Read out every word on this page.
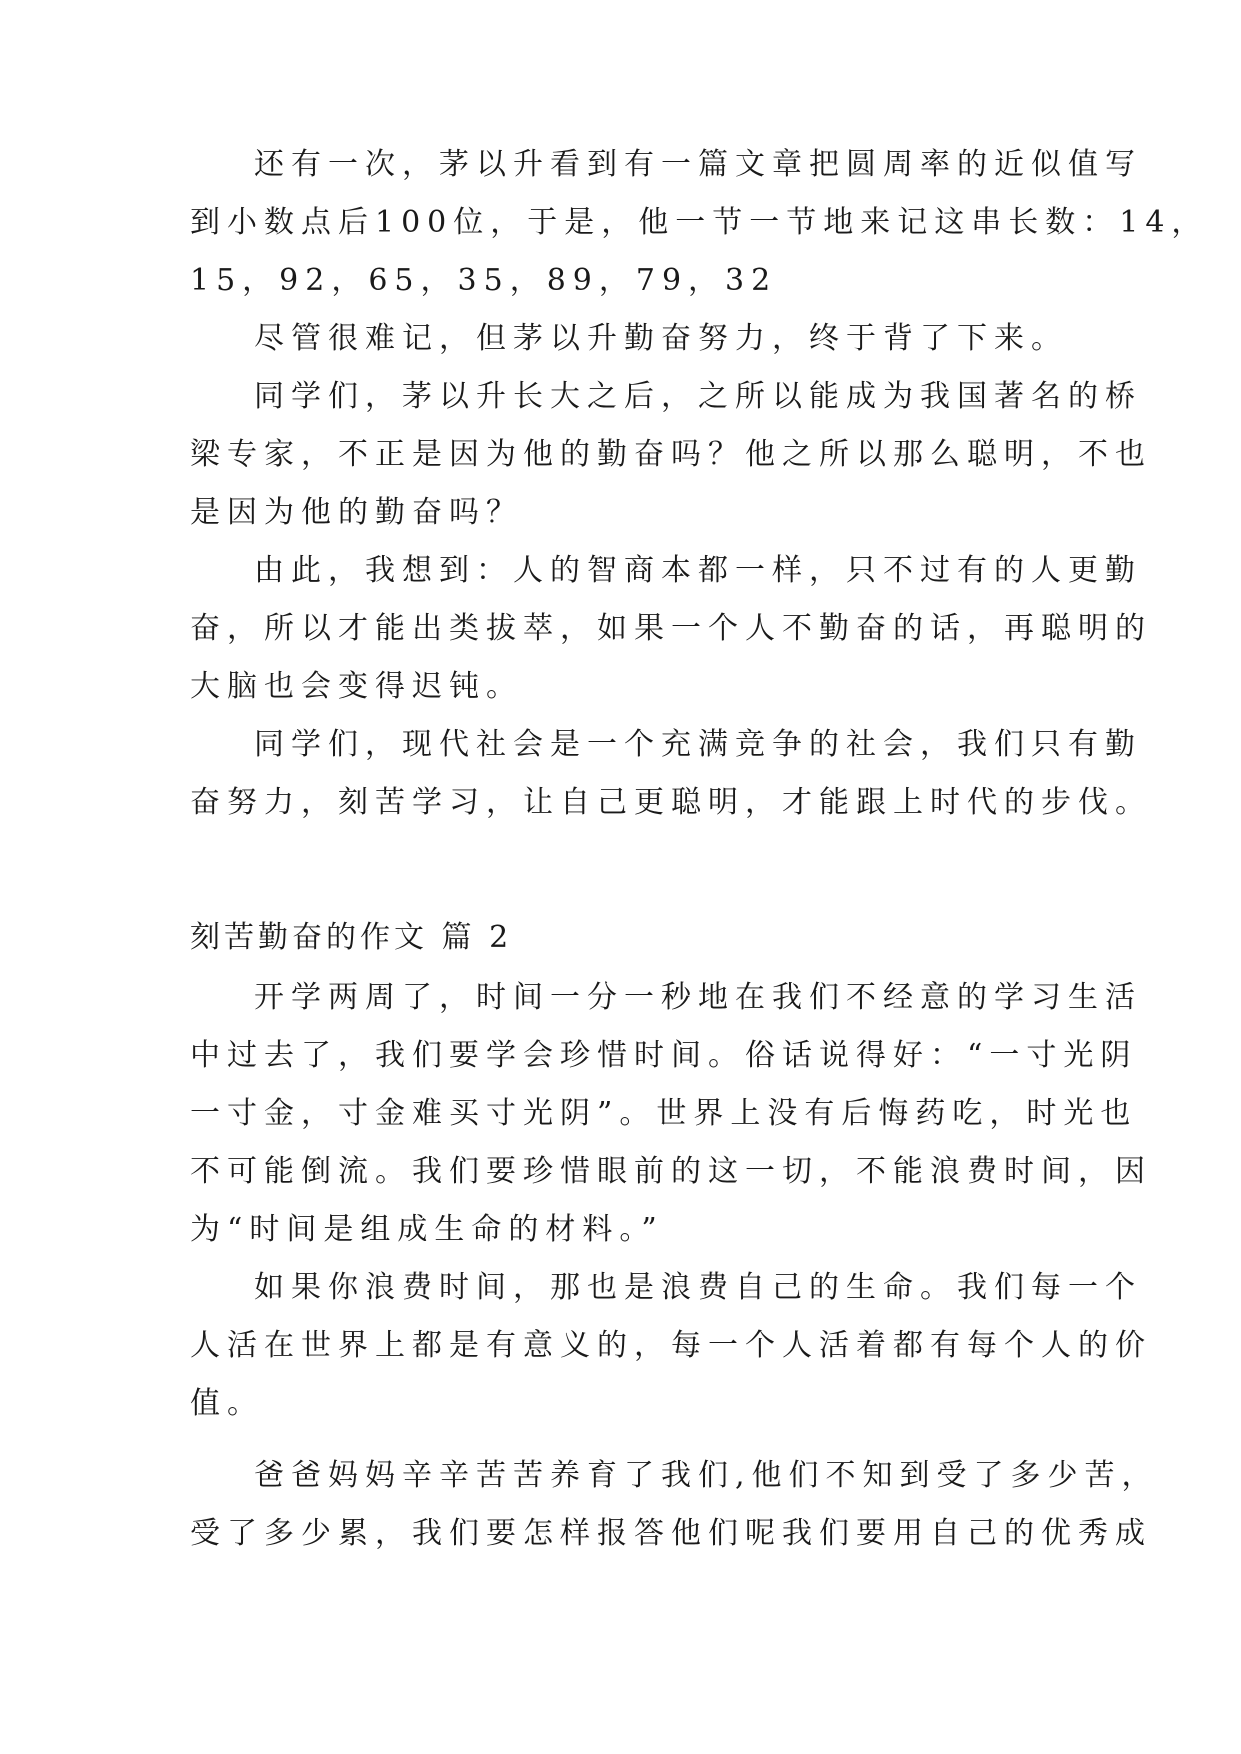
还有一次，茅以升看到有一篇文章把圆周率的近似值写

到小数点后100位，于是，他一节一节地来记这串长数：14，

15，92，65，35，89，79，32

尽管很难记，但茅以升勤奋努力，终于背了下来。

同学们，茅以升长大之后，之所以能成为我国著名的桥

梁专家，不正是因为他的勤奋吗？他之所以那么聪明，不也

是因为他的勤奋吗？

由此，我想到：人的智商本都一样，只不过有的人更勤

奋，所以才能出类拔萃，如果一个人不勤奋的话，再聪明的

大脑也会变得迟钝。

同学们，现代社会是一个充满竞争的社会，我们只有勤

奋努力，刻苦学习，让自己更聪明，才能跟上时代的步伐。

刻苦勤奋的作文 篇 2

开学两周了，时间一分一秒地在我们不经意的学习生活

中过去了，我们要学会珍惜时间。俗话说得好：“一寸光阴

一寸金，寸金难买寸光阴”。世界上没有后悔药吃，时光也

不可能倒流。我们要珍惜眼前的这一切，不能浪费时间，因

为“时间是组成生命的材料。”

如果你浪费时间，那也是浪费自己的生命。我们每一个

人活在世界上都是有意义的，每一个人活着都有每个人的价

值。

爸爸妈妈辛辛苦苦养育了我们,他们不知到受了多少苦，

受了多少累，我们要怎样报答他们呢我们要用自己的优秀成
